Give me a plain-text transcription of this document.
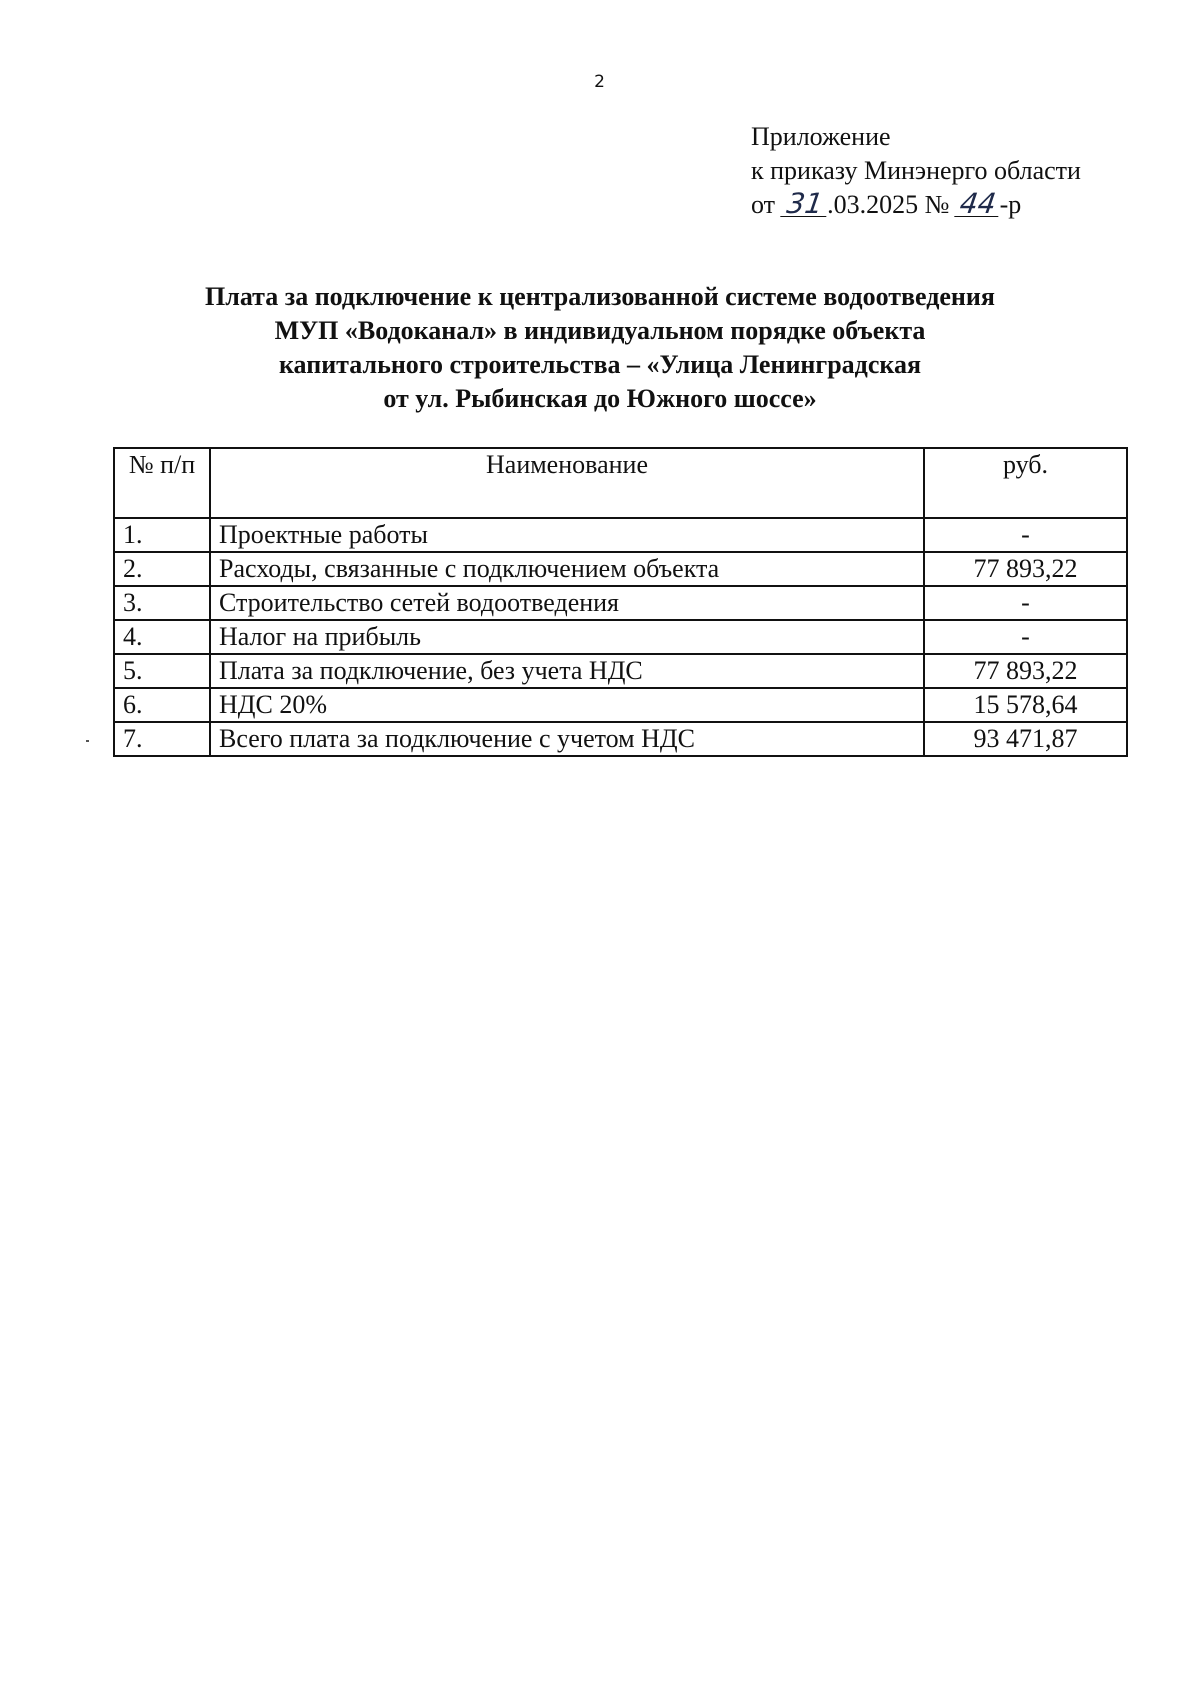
2
Приложение
к приказу Минэнерго области
от 31.03.2025 № 44-р
Плата за подключение к централизованной системе водоотведения
МУП «Водоканал» в индивидуальном порядке объекта
капитального строительства – «Улица Ленинградская
от ул. Рыбинская до Южного шоссе»
№ п/п	Наименование	руб.
1.	Проектные работы	-
2.	Расходы, связанные с подключением объекта	77 893,22
3.	Строительство сетей водоотведения	-
4.	Налог на прибыль	-
5.	Плата за подключение, без учета НДС	77 893,22
6.	НДС 20%	15 578,64
7.	Всего плата за подключение с учетом НДС	93 471,87
